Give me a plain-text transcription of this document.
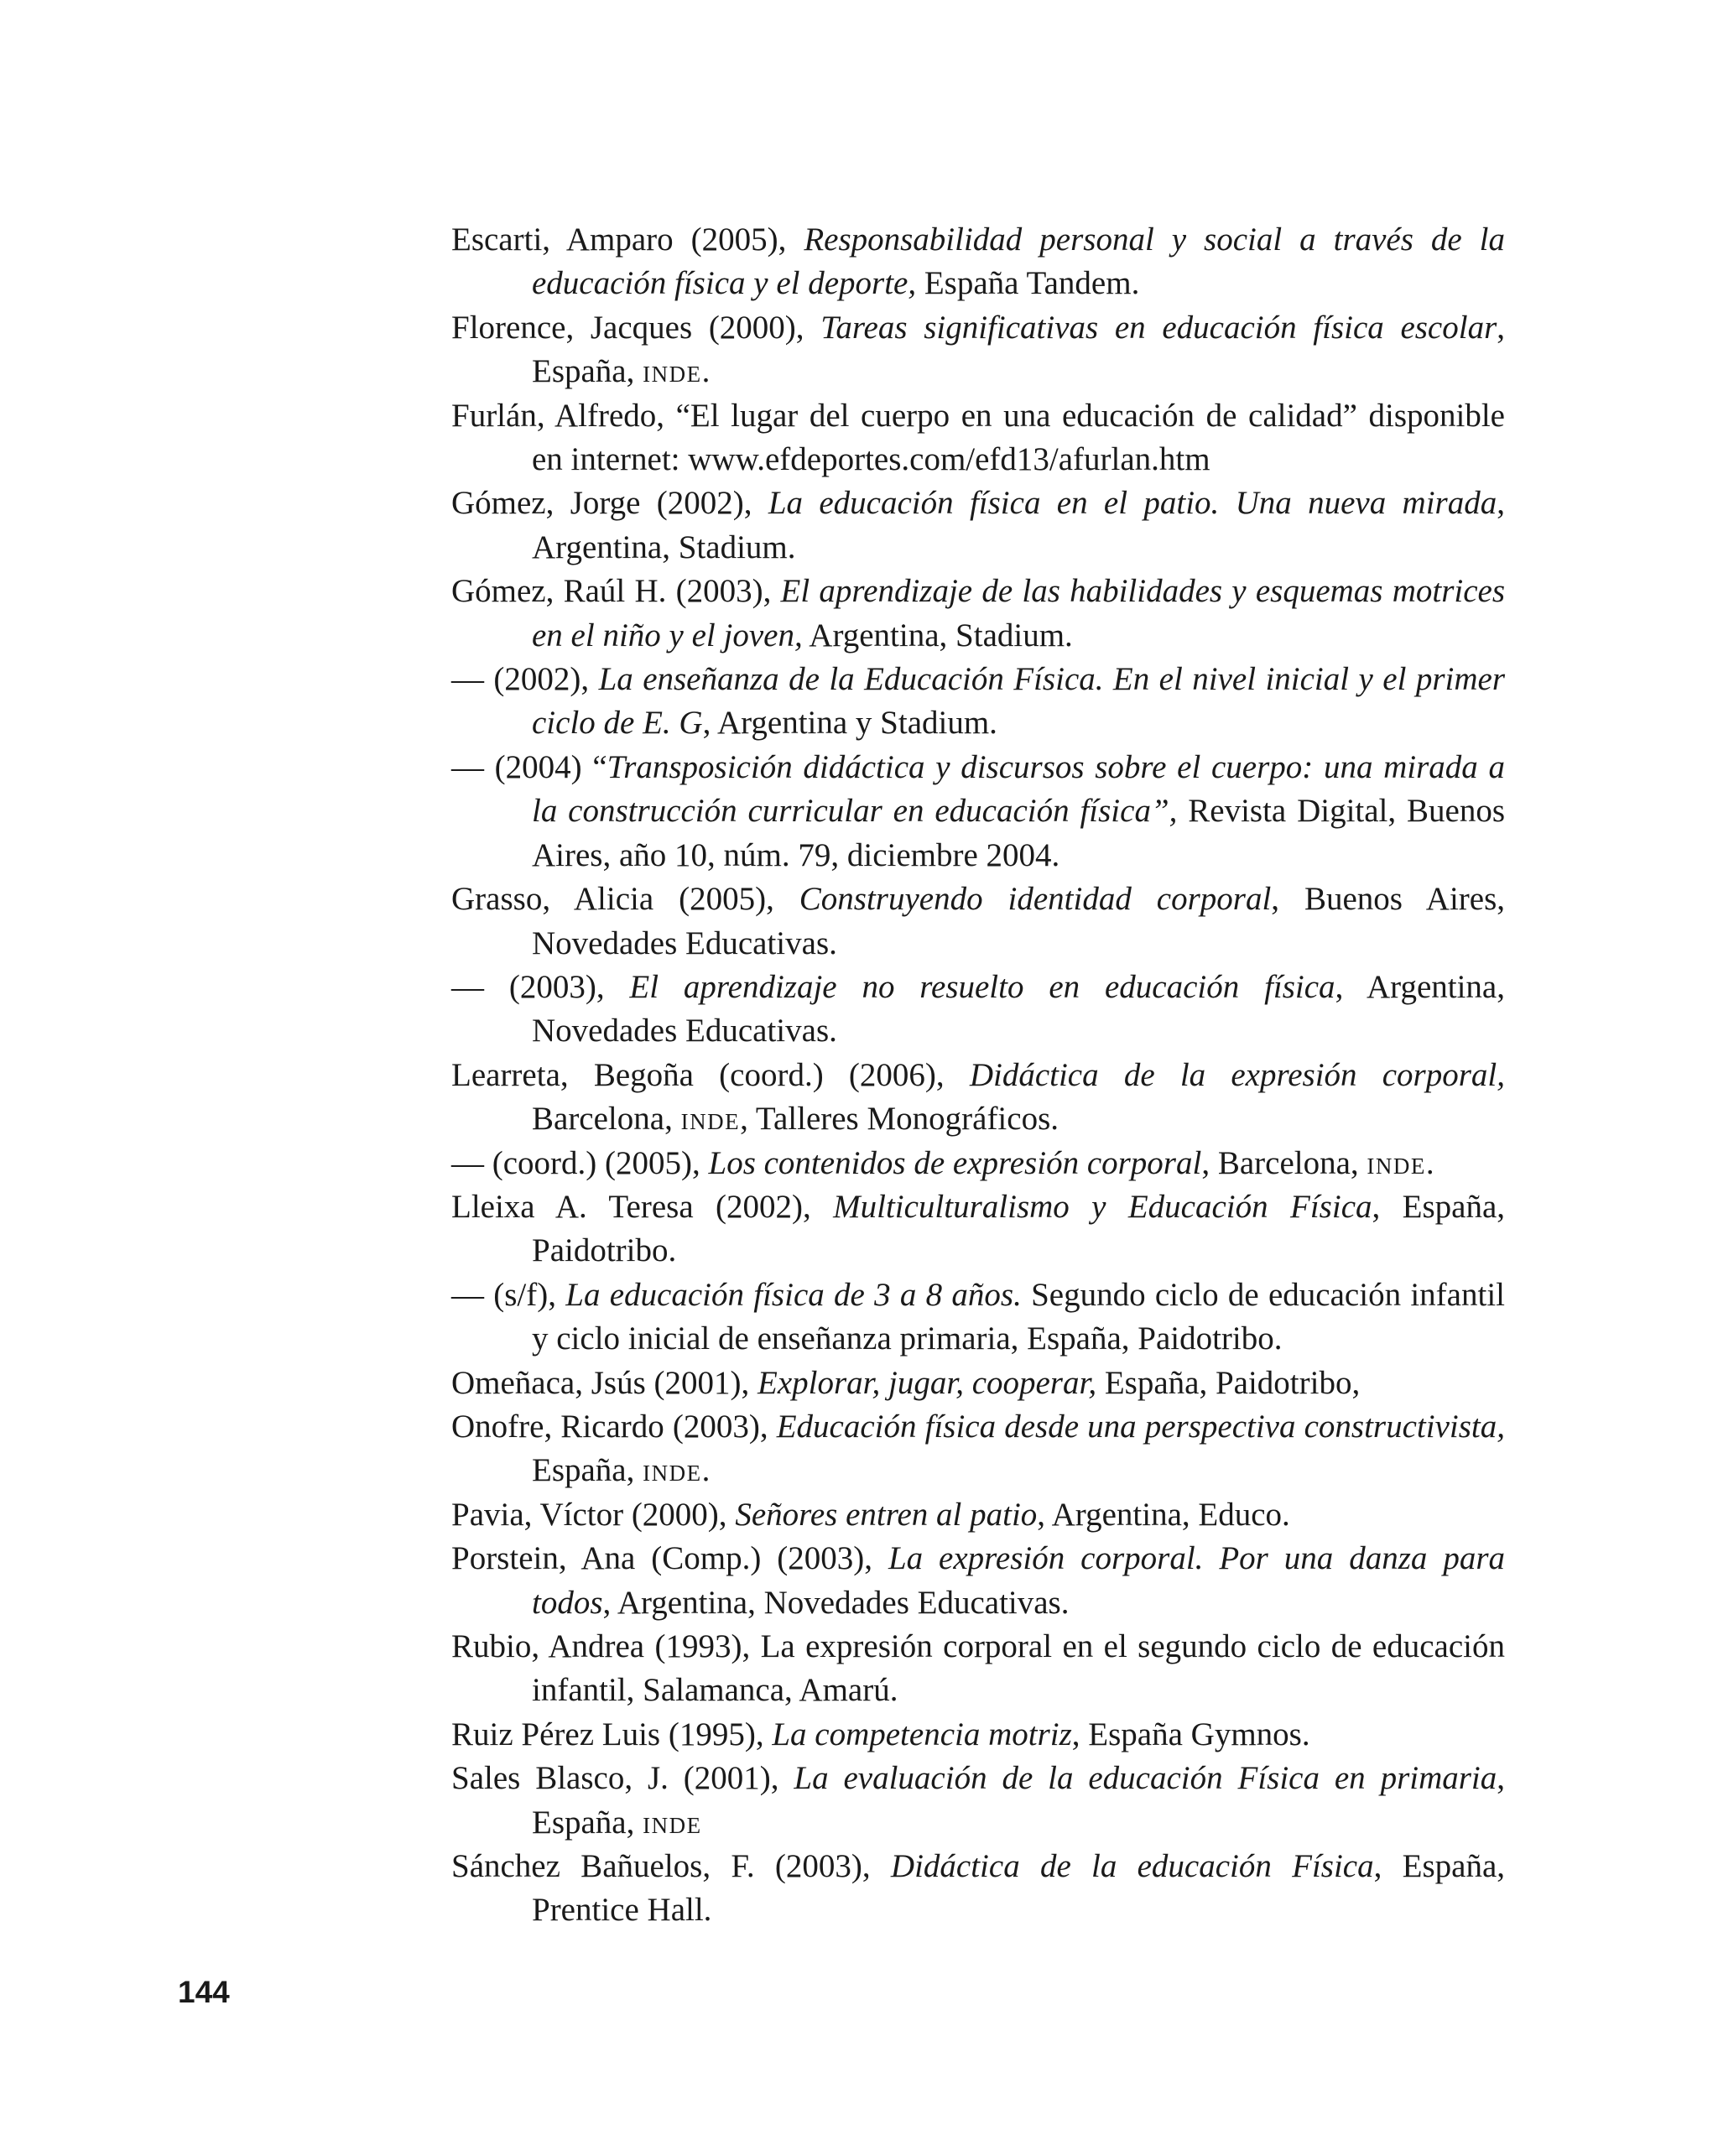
Escarti, Amparo (2005), Responsabilidad personal y social a través de la educación física y el deporte, España Tandem.
Florence, Jacques (2000), Tareas significativas en educación física escolar, España, inde.
Furlán, Alfredo, “El lugar del cuerpo en una educación de calidad” disponible en internet: www.efdeportes.com/efd13/afurlan.htm
Gómez, Jorge (2002), La educación física en el patio. Una nueva mirada, Argentina, Stadium.
Gómez, Raúl H. (2003), El aprendizaje de las habilidades y esquemas motrices en el niño y el joven, Argentina, Stadium.
— (2002), La enseñanza de la Educación Física. En el nivel inicial y el primer ciclo de E. G, Argentina y Stadium.
— (2004) “Transposición didáctica y discursos sobre el cuerpo: una mirada a la construcción curricular en educación física”, Revista Digital, Buenos Aires, año 10, núm. 79, diciembre 2004.
Grasso, Alicia (2005), Construyendo identidad corporal, Buenos Aires, Novedades Educativas.
— (2003), El aprendizaje no resuelto en educación física, Argentina, Novedades Educativas.
Learreta, Begoña (coord.) (2006), Didáctica de la expresión corporal, Barcelona, inde, Talleres Monográficos.
— (coord.) (2005), Los contenidos de expresión corporal, Barcelona, inde.
Lleixa A. Teresa (2002), Multiculturalismo y Educación Física, España, Paidotribo.
— (s/f), La educación física de 3 a 8 años. Segundo ciclo de educación infantil y ciclo inicial de enseñanza primaria, España, Paidotribo.
Omeñaca, Jsús (2001), Explorar, jugar, cooperar, España, Paidotribo,
Onofre, Ricardo (2003), Educación física desde una perspectiva constructivista, España, inde.
Pavia, Víctor (2000), Señores entren al patio, Argentina, Educo.
Porstein, Ana (Comp.) (2003), La expresión corporal. Por una danza para todos, Argentina, Novedades Educativas.
Rubio, Andrea (1993), La expresión corporal en el segundo ciclo de educación infantil, Salamanca, Amarú.
Ruiz Pérez Luis (1995), La competencia motriz, España Gymnos.
Sales Blasco, J. (2001), La evaluación de la educación Física en primaria, España, inde
Sánchez Bañuelos, F. (2003), Didáctica de la educación Física, España, Prentice Hall.
144
